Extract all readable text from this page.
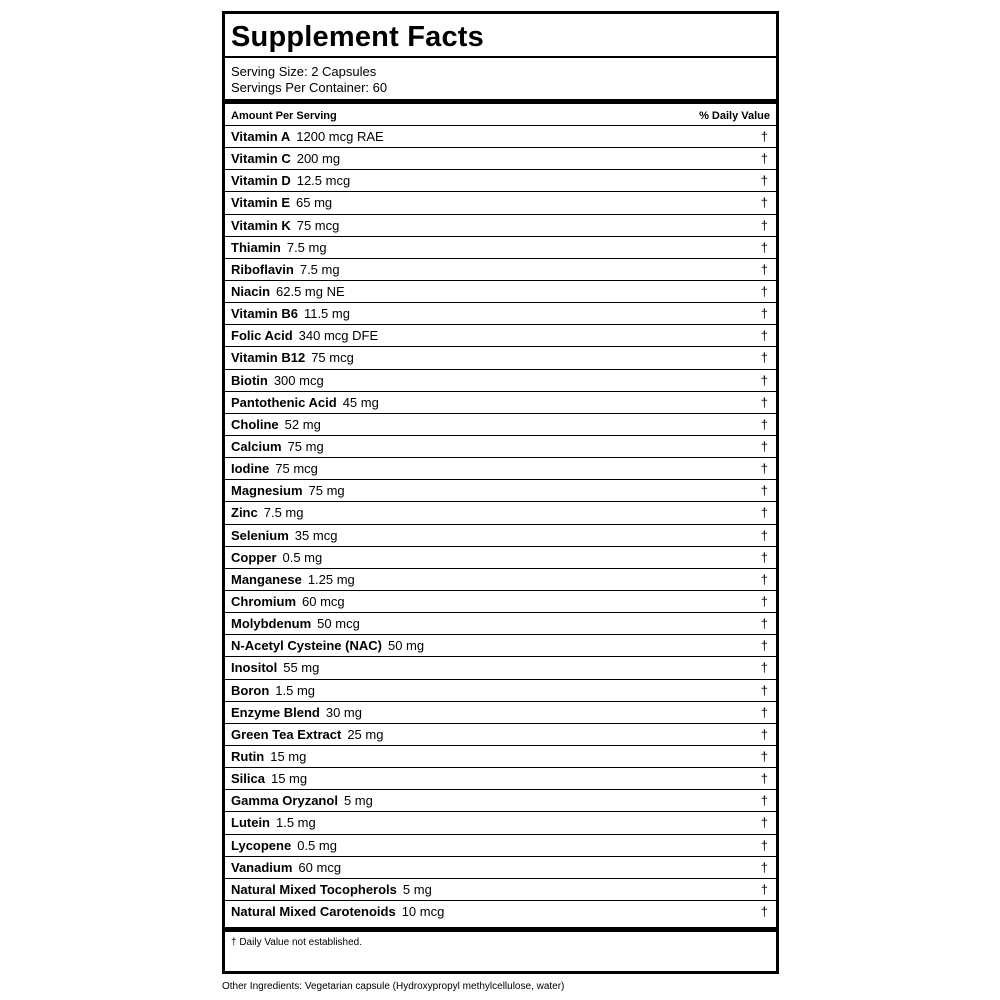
Supplement Facts
Serving Size: 2 Capsules
Servings Per Container: 60
Amount Per Serving	% Daily Value
Vitamin A 1200 mcg RAE	†
Vitamin C 200 mg	†
Vitamin D 12.5 mcg	†
Vitamin E 65 mg	†
Vitamin K 75 mcg	†
Thiamin 7.5 mg	†
Riboflavin 7.5 mg	†
Niacin 62.5 mg NE	†
Vitamin B6 11.5 mg	†
Folic Acid 340 mcg DFE	†
Vitamin B12 75 mcg	†
Biotin 300 mcg	†
Pantothenic Acid 45 mg	†
Choline 52 mg	†
Calcium 75 mg	†
Iodine 75 mcg	†
Magnesium 75 mg	†
Zinc 7.5 mg	†
Selenium 35 mcg	†
Copper 0.5 mg	†
Manganese 1.25 mg	†
Chromium 60 mcg	†
Molybdenum 50 mcg	†
N-Acetyl Cysteine (NAC) 50 mg	†
Inositol 55 mg	†
Boron 1.5 mg	†
Enzyme Blend 30 mg	†
Green Tea Extract 25 mg	†
Rutin 15 mg	†
Silica 15 mg	†
Gamma Oryzanol 5 mg	†
Lutein 1.5 mg	†
Lycopene 0.5 mg	†
Vanadium 60 mcg	†
Natural Mixed Tocopherols 5 mg	†
Natural Mixed Carotenoids 10 mcg	†
† Daily Value not established.
Other Ingredients: Vegetarian capsule (Hydroxypropyl methylcellulose, water)
